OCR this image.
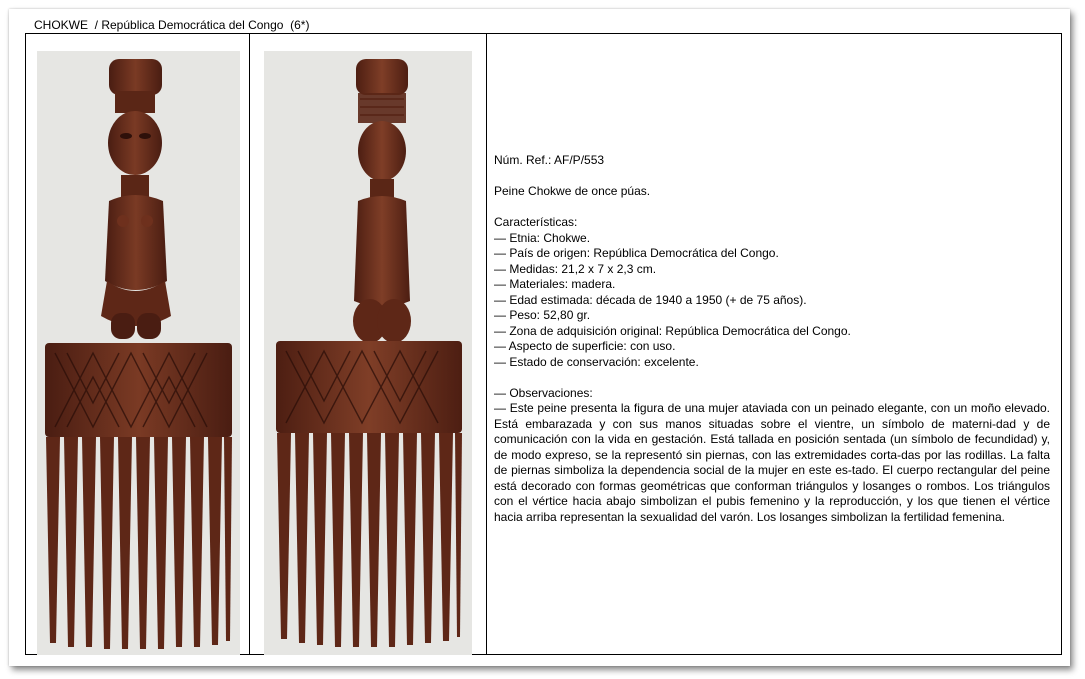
CHOKWE  / República Democrática del Congo  (6*)

Núm. Ref.: AF/P/553

Peine Chokwe de once púas.

Características:

— Etnia: Chokwe.

— País de origen: República Democrática del Congo.

— Medidas: 21,2 x 7 x 2,3 cm.

— Materiales: madera.

— Edad estimada: década de 1940 a 1950 (+ de 75 años).

— Peso: 52,80 gr.

— Zona de adquisición original: República Democrática del Congo.

— Aspecto de superficie: con uso.

— Estado de conservación: excelente.

— Observaciones:

— Este peine presenta la figura de una mujer ataviada con un peinado elegante, con un moño elevado. Está embarazada y con sus manos situadas sobre el vientre, un símbolo de materni-dad y de comunicación con la vida en gestación. Está tallada en posición sentada (un símbolo de fecundidad) y, de modo expreso, se la representó sin piernas, con las extremidades corta-das por las rodillas. La falta de piernas simboliza la dependencia social de la mujer en este es-tado. El cuerpo rectangular del peine está decorado con formas geométricas que conforman triángulos y losanges o rombos. Los triángulos con el vértice hacia abajo simbolizan el pubis femenino y la reproducción, y los que tienen el vértice hacia arriba representan la sexualidad del varón. Los losanges simbolizan la fertilidad femenina.
